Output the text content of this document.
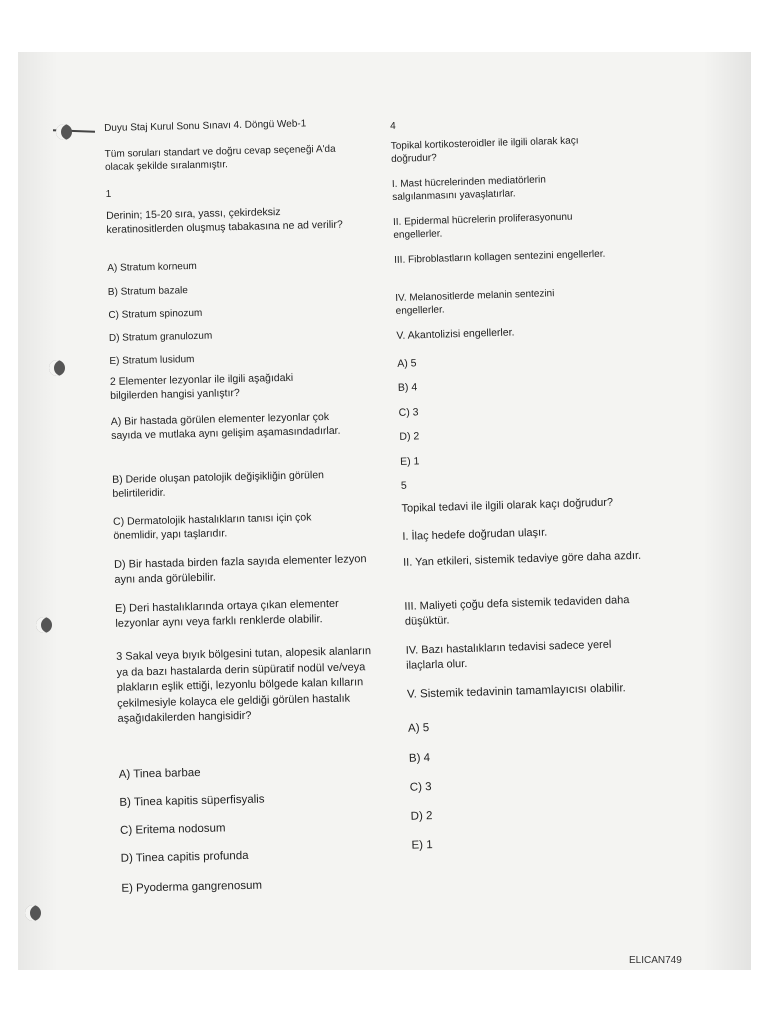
Duyu Staj Kurul Sonu Sınavı 4. Döngü Web-1

Tüm soruları standart ve doğru cevap seçeneği A'da olacak şekilde sıralanmıştır.

1

Derinin; 15-20 sıra, yassı, çekirdeksiz keratinositlerden oluşmuş tabakasına ne ad verilir?

A) Stratum korneum

B) Stratum bazale

C) Stratum spinozum

D) Stratum granulozum

E) Stratum lusidum

2 Elementer lezyonlar ile ilgili aşağıdaki bilgilerden hangisi yanlıştır?

A) Bir hastada görülen elementer lezyonlar çok sayıda ve mutlaka aynı gelişim aşamasındadırlar.

B) Deride oluşan patolojik değişikliğin görülen belirtileridir.

C) Dermatolojik hastalıkların tanısı için çok önemlidir, yapı taşlarıdır.

D) Bir hastada birden fazla sayıda elementer lezyon aynı anda görülebilir.

E) Deri hastalıklarında ortaya çıkan elementer lezyonlar aynı veya farklı renklerde olabilir.

3 Sakal veya bıyık bölgesini tutan, alopesik alanların ya da bazı hastalarda derin süpüratif nodül ve/veya plakların eşlik ettiği, lezyonlu bölgede kalan kılların çekilmesiyle kolayca ele geldiği görülen hastalık aşağıdakilerden hangisidir?

A) Tinea barbae

B) Tinea kapitis süperfisyalis

C) Eritema nodosum

D) Tinea capitis profunda

E) Pyoderma gangrenosum

4

Topikal kortikosteroidler ile ilgili olarak kaçı doğrudur?

I. Mast hücrelerinden mediatörlerin salgılanmasını yavaşlatırlar.

II. Epidermal hücrelerin proliferasyonunu engellerler.

III. Fibroblastların kollagen sentezini engellerler.

IV. Melanositlerde melanin sentezini engellerler.

V. Akantolizisi engellerler.

A) 5

B) 4

C) 3

D) 2

E) 1

5

Topikal tedavi ile ilgili olarak kaçı doğrudur?

I. İlaç hedefe doğrudan ulaşır.

II. Yan etkileri, sistemik tedaviye göre daha azdır.

III. Maliyeti çoğu defa sistemik tedaviden daha düşüktür.

IV. Bazı hastalıkların tedavisi sadece yerel ilaçlarla olur.

V. Sistemik tedavinin tamamlayıcısı olabilir.

A) 5

B) 4

C) 3

D) 2

E) 1

ELICAN749
